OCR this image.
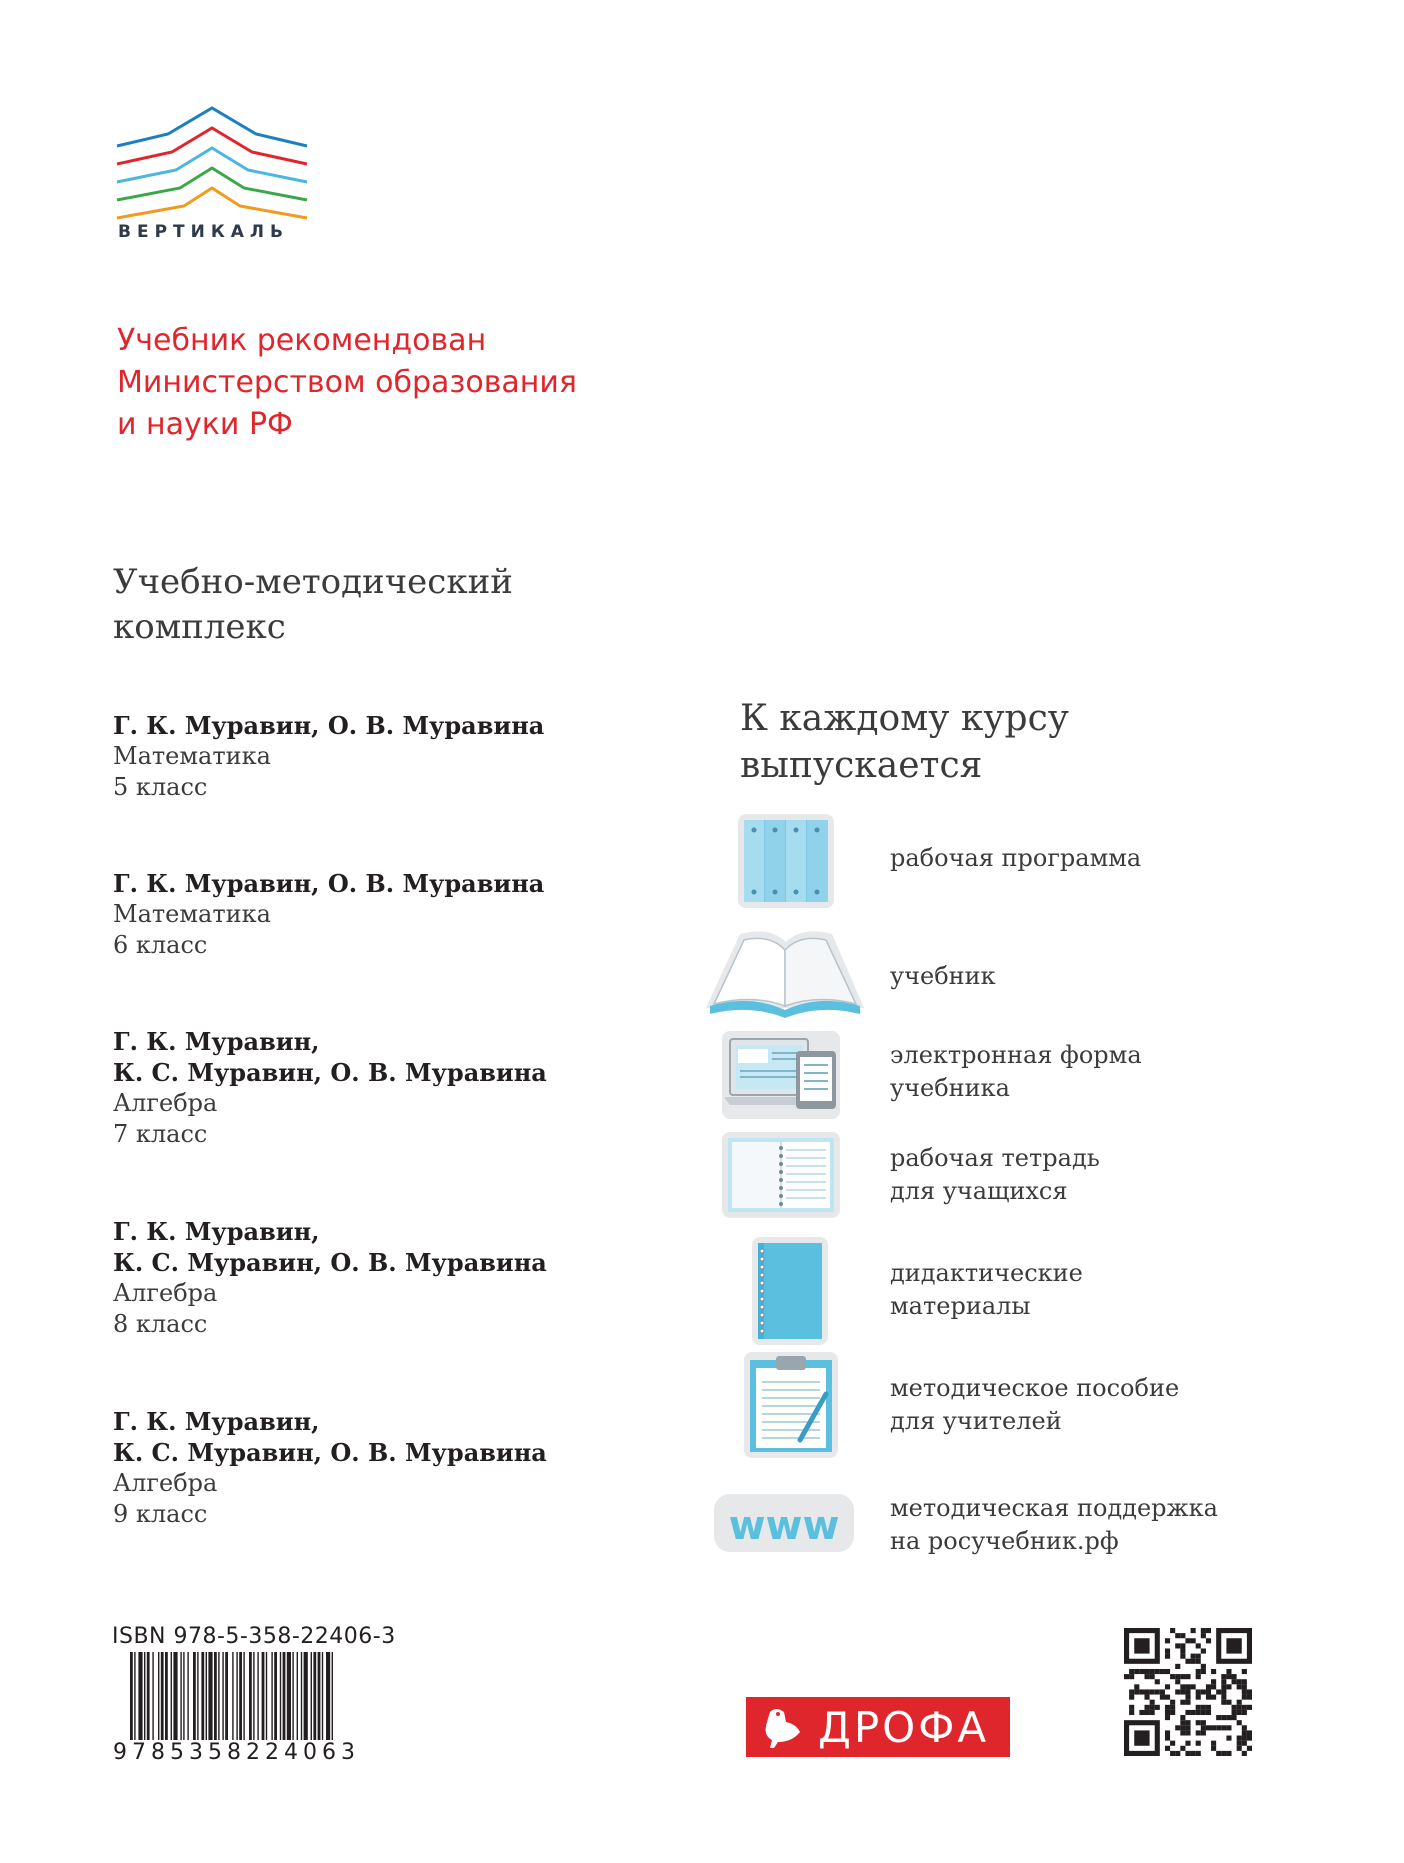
ВЕРТИКАЛЬ
Учебник рекомендован
Министерством образования
и науки РФ
Учебно-методический
комплекс
Г. К. Муравин, О. В. Муравина
Математика
5 класс
Г. К. Муравин, О. В. Муравина
Математика
6 класс
Г. К. Муравин,
К. С. Муравин, О. В. Муравина
Алгебра
7 класс
Г. К. Муравин,
К. С. Муравин, О. В. Муравина
Алгебра
8 класс
Г. К. Муравин,
К. С. Муравин, О. В. Муравина
Алгебра
9 класс
К каждому курсу
выпускается
рабочая программа
учебник
электронная форма
учебника
рабочая тетрадь
для учащихся
дидактические
материалы
методическое пособие
для учителей
www методическая поддержка
на росучебник.рф
ISBN 978-5-358-22406-3
9785358224063
ДРОФА
